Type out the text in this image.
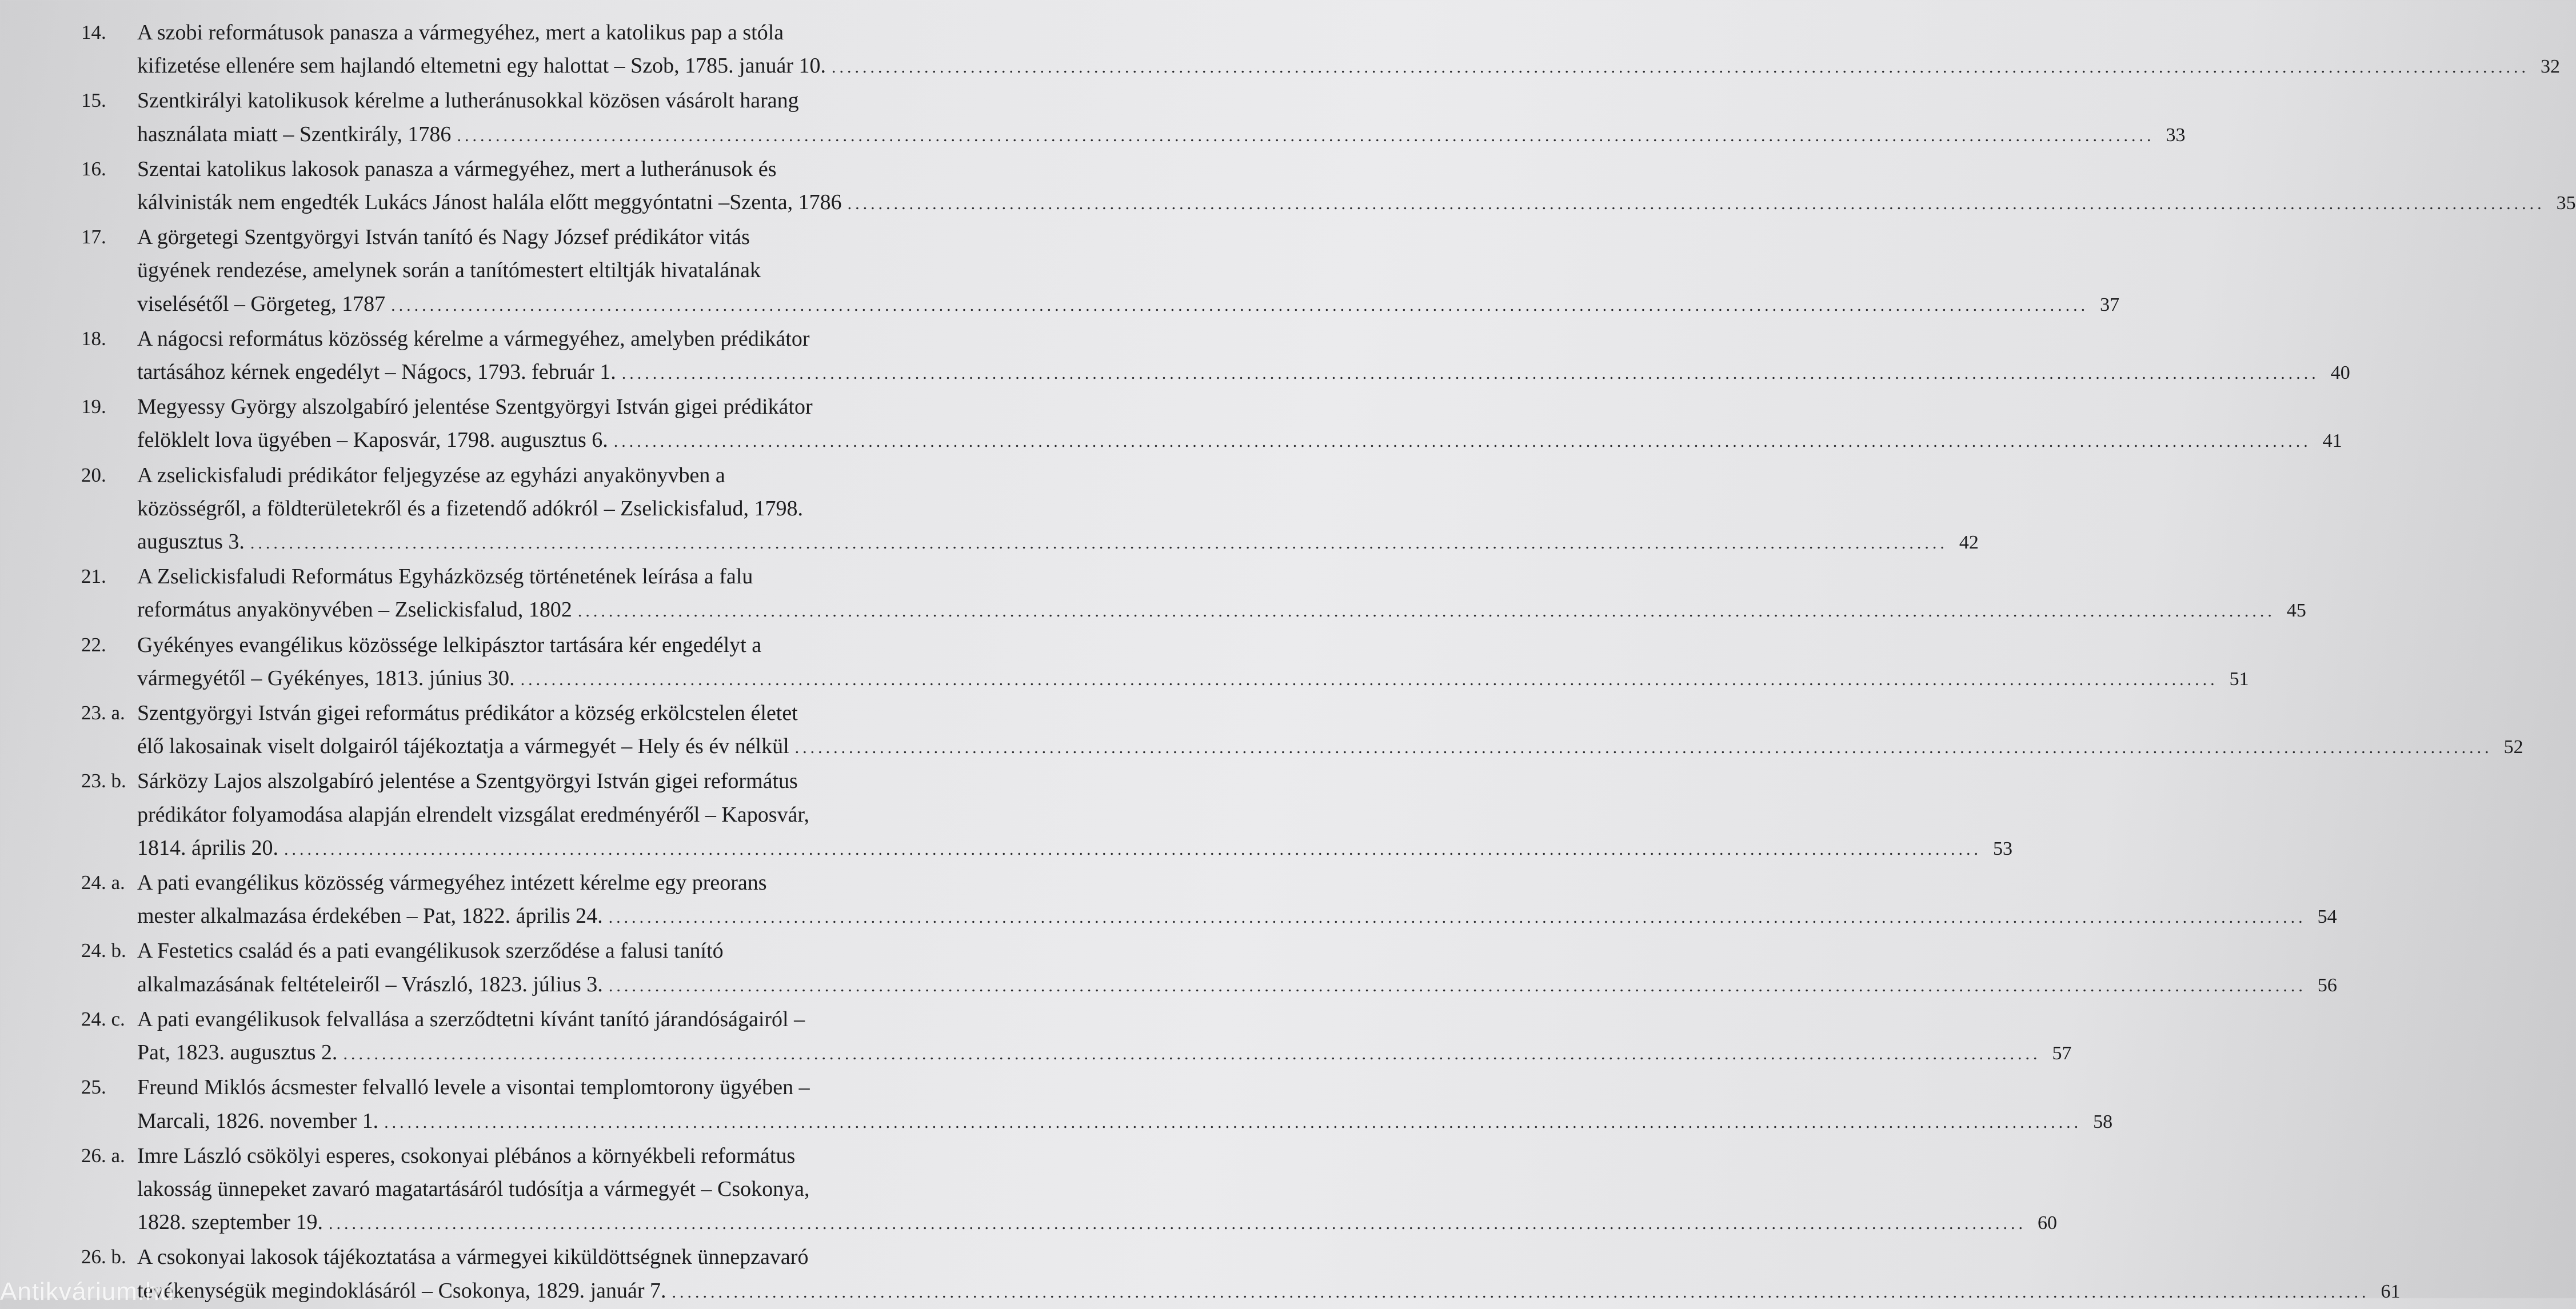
14. A szobi reformátusok panasza a vármegyéhez, mert a katolikus pap a stóla
kifizetése ellenére sem hajlandó eltemetni egy halottat – Szob, 1785. január 10. ............................................................................................................................................................................................................................ 32
15. Szentkirályi katolikusok kérelme a lutheránusokkal közösen vásárolt harang
használata miatt – Szentkirály, 1786 ............................................................................................................................................................................................................................ 33
16. Szentai katolikus lakosok panasza a vármegyéhez, mert a lutheránusok és
kálvinisták nem engedték Lukács Jánost halála előtt meggyóntatni –Szenta, 1786 ............................................................................................................................................................................................................................ 35
17. A görgetegi Szentgyörgyi István tanító és Nagy József prédikátor vitás
ügyének rendezése, amelynek során a tanítómestert eltiltják hivatalának
viselésétől – Görgeteg, 1787 ............................................................................................................................................................................................................................ 37
18. A nágocsi református közösség kérelme a vármegyéhez, amelyben prédikátor
tartásához kérnek engedélyt – Nágocs, 1793. február 1. ............................................................................................................................................................................................................................ 40
19. Megyessy György alszolgabíró jelentése Szentgyörgyi István gigei prédikátor
felöklelt lova ügyében – Kaposvár, 1798. augusztus 6. ............................................................................................................................................................................................................................ 41
20. A zselickisfaludi prédikátor feljegyzése az egyházi anyakönyvben a
közösségről, a földterületekről és a fizetendő adókról – Zselickisfalud, 1798.
augusztus 3. ............................................................................................................................................................................................................................ 42
21. A Zselickisfaludi Református Egyházközség történetének leírása a falu
református anyakönyvében – Zselickisfalud, 1802 ............................................................................................................................................................................................................................ 45
22. Gyékényes evangélikus közössége lelkipásztor tartására kér engedélyt a
vármegyétől – Gyékényes, 1813. június 30. ............................................................................................................................................................................................................................ 51
23. a. Szentgyörgyi István gigei református prédikátor a község erkölcstelen életet
élő lakosainak viselt dolgairól tájékoztatja a vármegyét – Hely és év nélkül ............................................................................................................................................................................................................................ 52
23. b. Sárközy Lajos alszolgabíró jelentése a Szentgyörgyi István gigei református
prédikátor folyamodása alapján elrendelt vizsgálat eredményéről – Kaposvár,
1814. április 20. ............................................................................................................................................................................................................................ 53
24. a. A pati evangélikus közösség vármegyéhez intézett kérelme egy preorans
mester alkalmazása érdekében – Pat, 1822. április 24. ............................................................................................................................................................................................................................ 54
24. b. A Festetics család és a pati evangélikusok szerződése a falusi tanító
alkalmazásának feltételeiről – Vrászló, 1823. július 3. ............................................................................................................................................................................................................................ 56
24. c. A pati evangélikusok felvallása a szerződtetni kívánt tanító járandóságairól –
Pat, 1823. augusztus 2. ............................................................................................................................................................................................................................ 57
25. Freund Miklós ácsmester felvalló levele a visontai templomtorony ügyében –
Marcali, 1826. november 1. ............................................................................................................................................................................................................................ 58
26. a. Imre László csökölyi esperes, csokonyai plébános a környékbeli református
lakosság ünnepeket zavaró magatartásáról tudósítja a vármegyét – Csokonya,
1828. szeptember 19. ............................................................................................................................................................................................................................ 60
26. b. A csokonyai lakosok tájékoztatása a vármegyei kiküldöttségnek ünnepzavaró
tevékenységük megindoklásáról – Csokonya, 1829. január 7. ............................................................................................................................................................................................................................ 61
Antikvárium.hu
